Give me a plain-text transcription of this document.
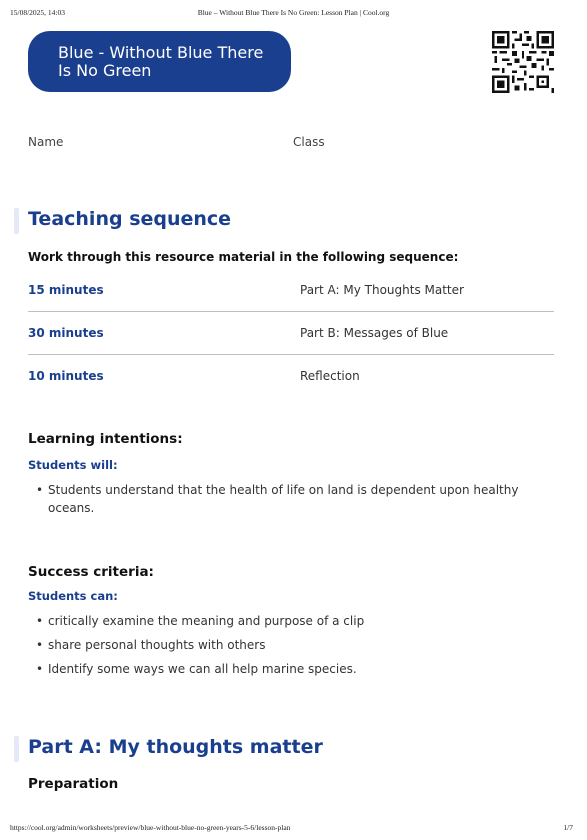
15/08/2025, 14:03	Blue – Without Blue There Is No Green: Lesson Plan | Cool.org
Blue - Without Blue There Is No Green
Name	Class
Teaching sequence
Work through this resource material in the following sequence:
15 minutes	Part A: My Thoughts Matter
30 minutes	Part B: Messages of Blue
10 minutes	Reflection
Learning intentions:
Students will:
• Students understand that the health of life on land is dependent upon healthy oceans.
Success criteria:
Students can:
• critically examine the meaning and purpose of a clip
• share personal thoughts with others
• Identify some ways we can all help marine species.
Part A: My thoughts matter
Preparation
https://cool.org/admin/worksheets/preview/blue-without-blue-no-green-years-5-6/lesson-plan	1/7
